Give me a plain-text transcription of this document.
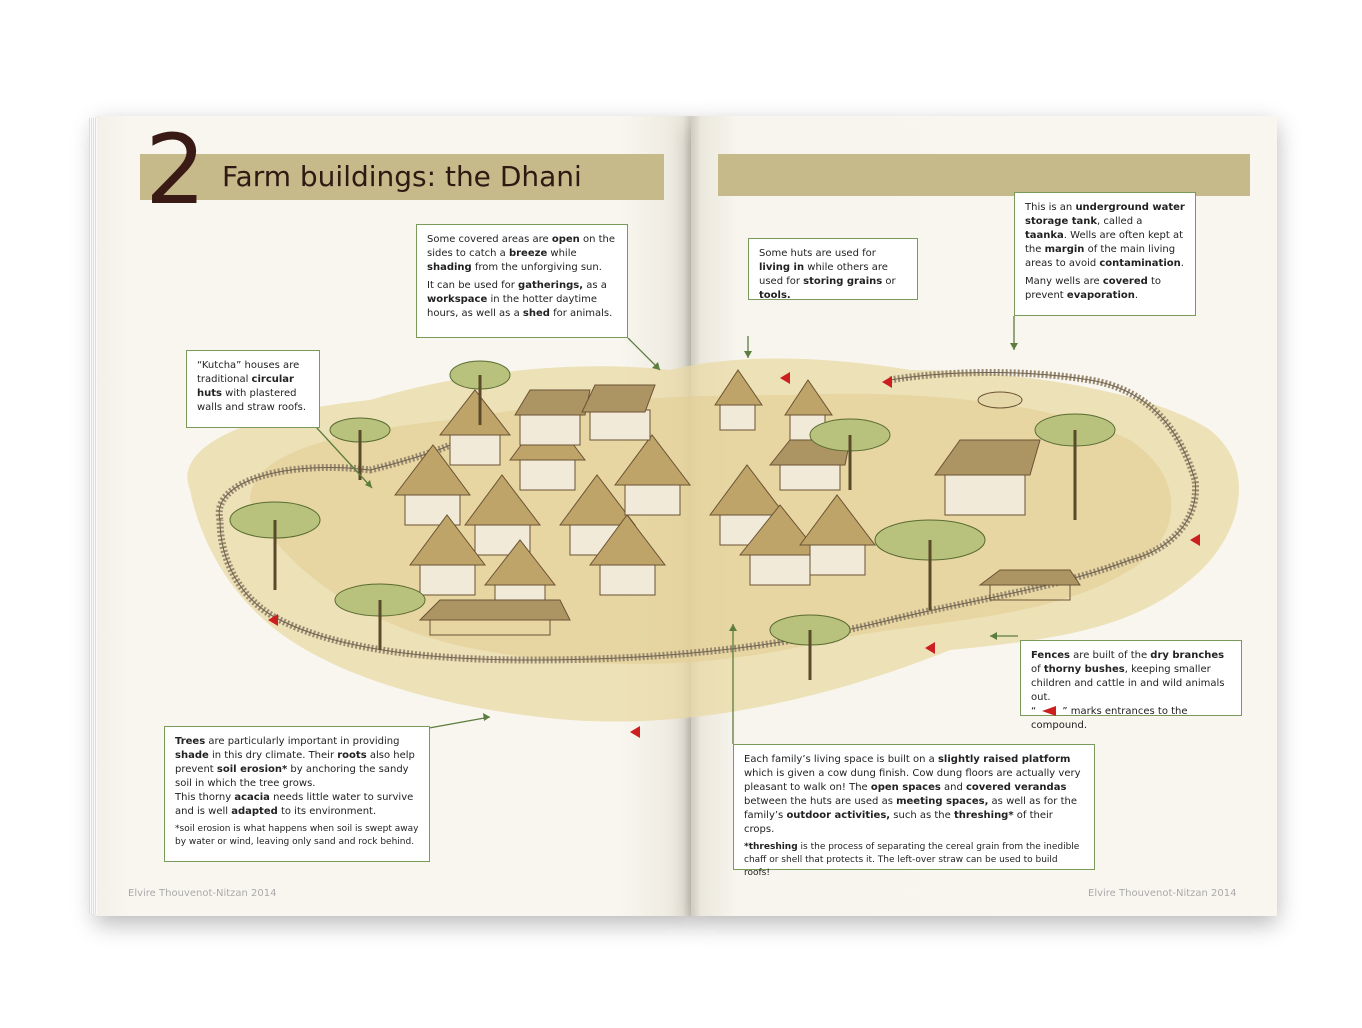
2 Farm buildings: the Dhani

Some covered areas are open on the sides to catch a breeze while shading from the unforgiving sun.

It can be used for gatherings, as a workspace in the hotter daytime hours, as well as a shed for animals.

“Kutcha” houses are traditional circular huts with plastered walls and straw roofs.

Some huts are used for living in while others are used for storing grains or tools.

This is an underground water storage tank, called a taanka. Wells are often kept at the margin of the main living areas to avoid contamination.

Many wells are covered to prevent evaporation.

Fences are built of the dry branches of thorny bushes, keeping smaller children and cattle in and wild animals out.
“ ” marks entrances to the compound.

Trees are particularly important in providing shade in this dry climate. Their roots also help prevent soil erosion* by anchoring the sandy soil in which the tree grows.
This thorny acacia needs little water to survive and is well adapted to its environment.

*soil erosion is what happens when soil is swept away by water or wind, leaving only sand and rock behind.

Each family’s living space is built on a slightly raised platform which is given a cow dung finish. Cow dung floors are actually very pleasant to walk on! The open spaces and covered verandas between the huts are used as meeting spaces, as well as for the family’s outdoor activities, such as the threshing* of their crops.

*threshing is the process of separating the cereal grain from the inedible chaff or shell that protects it. The left-over straw can be used to build roofs!

Elvire Thouvenot-Nitzan 2014	Elvire Thouvenot-Nitzan 2014
